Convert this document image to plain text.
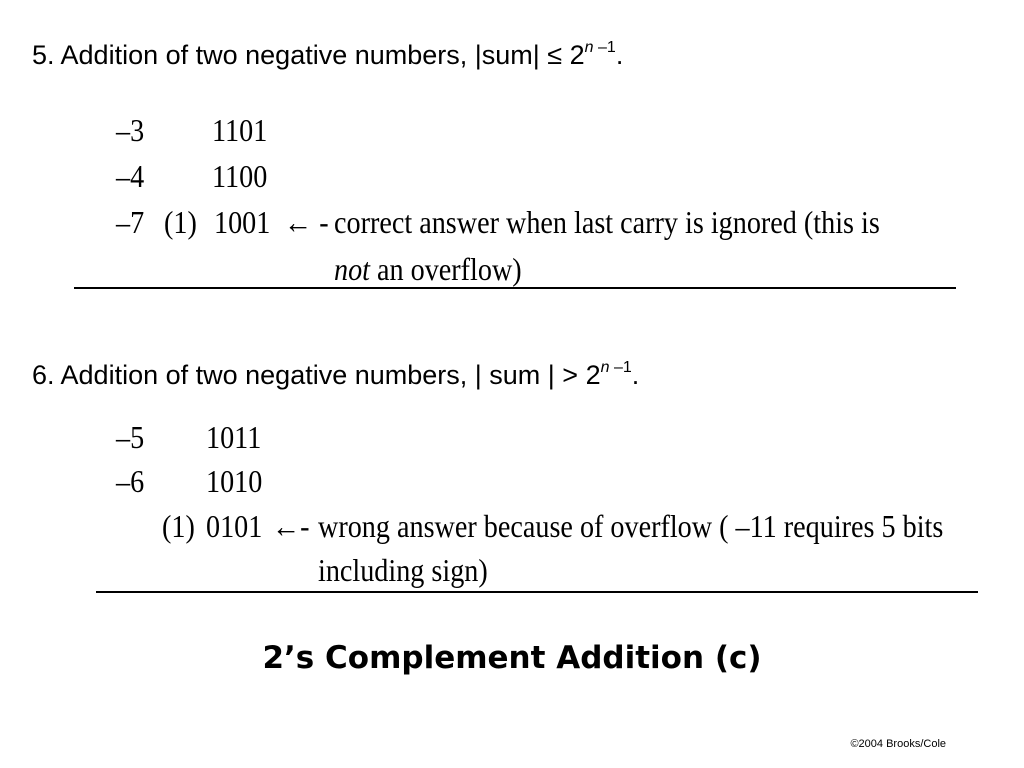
5. Addition of two negative numbers, $|sum| \le 2^{n -1}$.
–3 1101
–4 1100
–7 (1) 1001 ← - correct answer when last carry is ignored (this is
not an overflow)
6. Addition of two negative numbers, | sum | > $2^{n -1}$.
–5 1011
–6 1010
(1) 0101 ←- wrong answer because of overflow ( –11 requires 5 bits
including sign)
2’s Complement Addition (c)
©2004 Brooks/Cole
